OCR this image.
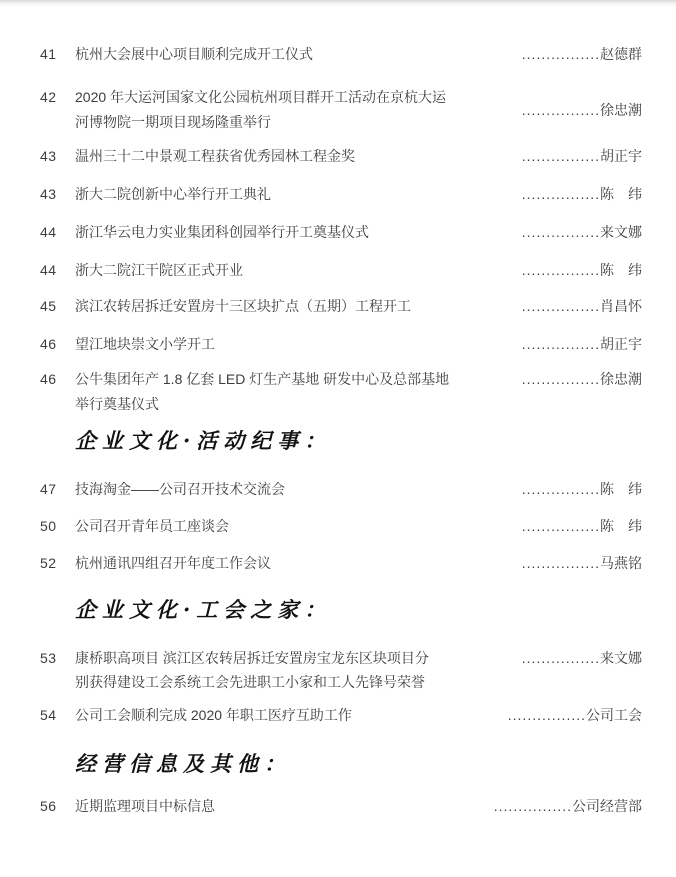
41	杭州大会展中心项目顺利完成开工仪式	................赵德群
42	2020 年大运河国家文化公园杭州项目群开工活动在京杭大运
河博物院一期项目现场隆重举行
................徐忠潮
43	温州三十二中景观工程获省优秀园林工程金奖	................胡正宇
43	浙大二院创新中心举行开工典礼	................陈　纬
44	浙江华云电力实业集团科创园举行开工奠基仪式	................来文娜
44	浙大二院江干院区正式开业	................陈　纬
45	滨江农转居拆迁安置房十三区块扩点（五期）工程开工	................肖昌怀
46	望江地块崇文小学开工	................胡正宇
46	公牛集团年产 1.8 亿套 LED 灯生产基地 研发中心及总部基地
举行奠基仪式
................徐忠潮
企业文化·活动纪事：
47	技海淘金——公司召开技术交流会	................陈　纬
50	公司召开青年员工座谈会	................陈　纬
52	杭州通讯四组召开年度工作会议	................马燕铭
企业文化·工会之家：
53	康桥职高项目 滨江区农转居拆迁安置房宝龙东区块项目分
别获得建设工会系统工会先进职工小家和工人先锋号荣誉
................来文娜
54	公司工会顺利完成 2020 年职工医疗互助工作	................公司工会
经营信息及其他：
56	近期监理项目中标信息	................公司经营部
